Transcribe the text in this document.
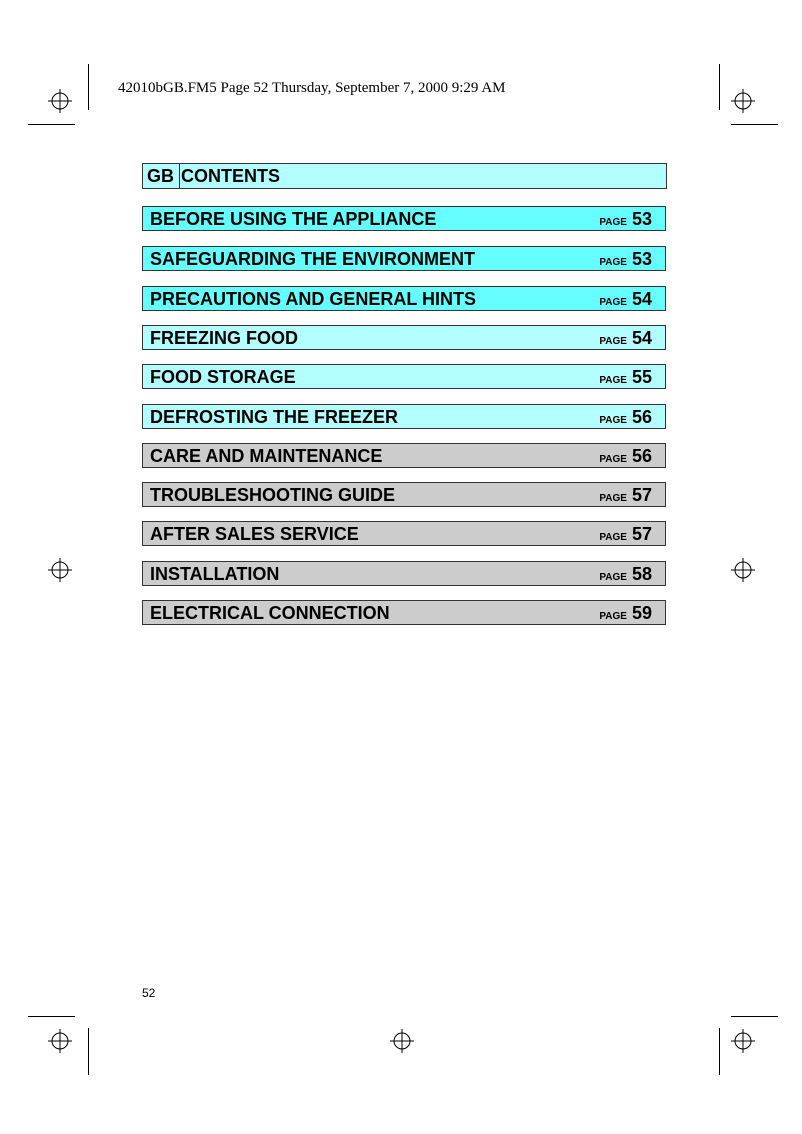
42010bGB.FM5 Page 52 Thursday, September 7, 2000 9:29 AM
GB CONTENTS
BEFORE USING THE APPLIANCE	PAGE 53
SAFEGUARDING THE ENVIRONMENT	PAGE 53
PRECAUTIONS AND GENERAL HINTS	PAGE 54
FREEZING FOOD	PAGE 54
FOOD STORAGE	PAGE 55
DEFROSTING THE FREEZER	PAGE 56
CARE AND MAINTENANCE	PAGE 56
TROUBLESHOOTING GUIDE	PAGE 57
AFTER SALES SERVICE	PAGE 57
INSTALLATION	PAGE 58
ELECTRICAL CONNECTION	PAGE 59
52
